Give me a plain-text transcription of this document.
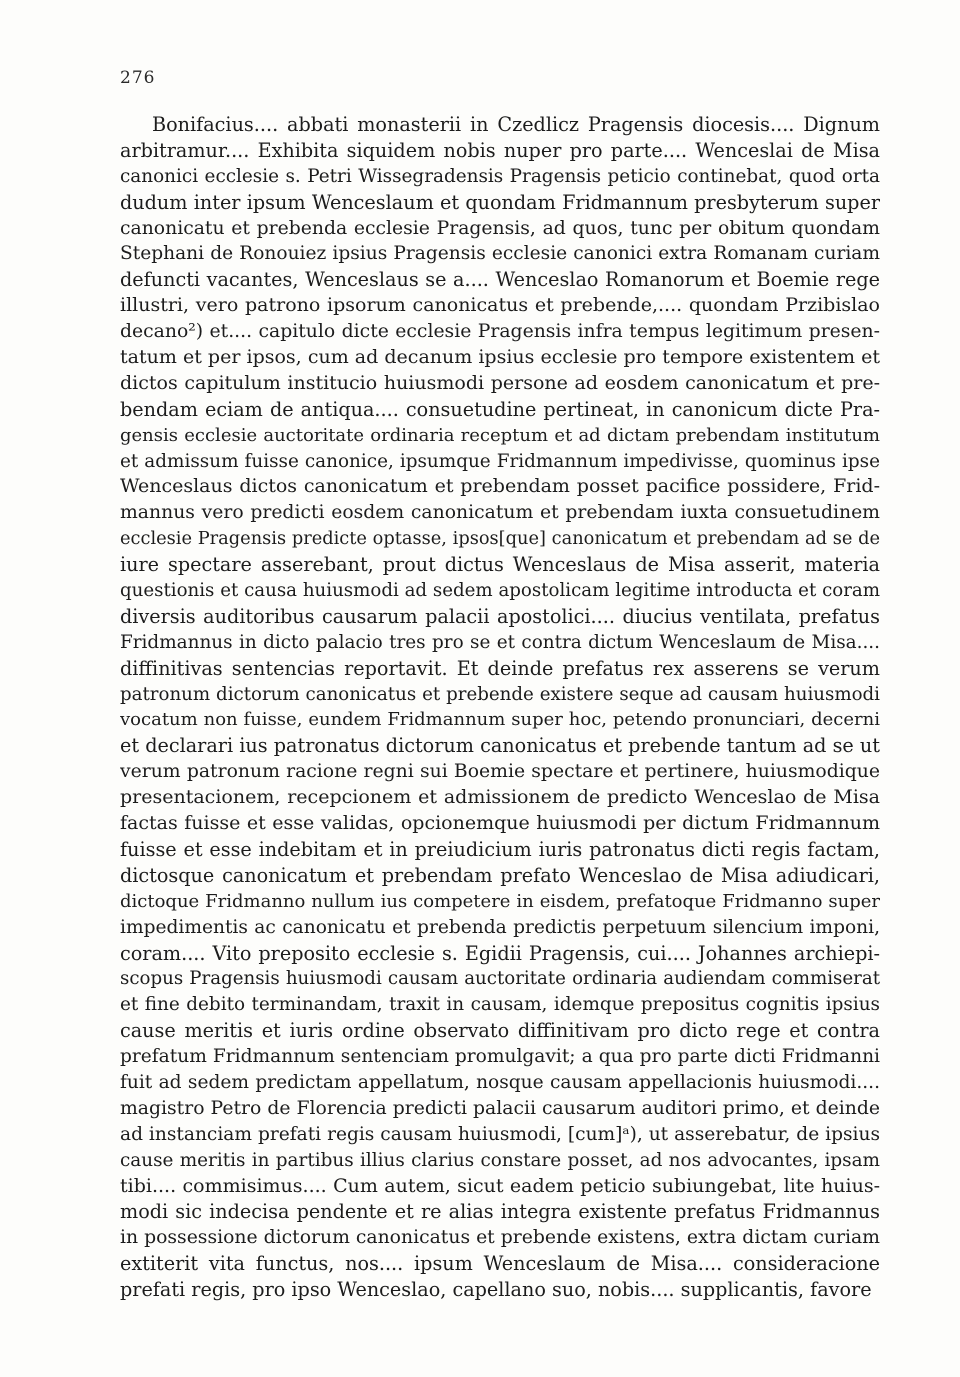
276
Bonifacius.... abbati monasterii in Czedlicz Pragensis diocesis.... Dignum
arbitramur.... Exhibita siquidem nobis nuper pro parte.... Wenceslai de Misa
canonici ecclesie s. Petri Wissegradensis Pragensis peticio continebat, quod orta
dudum inter ipsum Wenceslaum et quondam Fridmannum presbyterum super
canonicatu et prebenda ecclesie Pragensis, ad quos, tunc per obitum quondam
Stephani de Ronouiez ipsius Pragensis ecclesie canonici extra Romanam curiam
defuncti vacantes, Wenceslaus se a.... Wenceslao Romanorum et Boemie rege
illustri, vero patrono ipsorum canonicatus et prebende,.... quondam Przibislao
decano²) et.... capitulo dicte ecclesie Pragensis infra tempus legitimum presen-
tatum et per ipsos, cum ad decanum ipsius ecclesie pro tempore existentem et
dictos capitulum institucio huiusmodi persone ad eosdem canonicatum et pre-
bendam eciam de antiqua.... consuetudine pertineat, in canonicum dicte Pra-
gensis ecclesie auctoritate ordinaria receptum et ad dictam prebendam institutum
et admissum fuisse canonice, ipsumque Fridmannum impedivisse, quominus ipse
Wenceslaus dictos canonicatum et prebendam posset pacifice possidere, Frid-
mannus vero predicti eosdem canonicatum et prebendam iuxta consuetudinem
ecclesie Pragensis predicte optasse, ipsos[que] canonicatum et prebendam ad se de
iure spectare asserebant, prout dictus Wenceslaus de Misa asserit, materia
questionis et causa huiusmodi ad sedem apostolicam legitime introducta et coram
diversis auditoribus causarum palacii apostolici.... diucius ventilata, prefatus
Fridmannus in dicto palacio tres pro se et contra dictum Wenceslaum de Misa....
diffinitivas sentencias reportavit. Et deinde prefatus rex asserens se verum
patronum dictorum canonicatus et prebende existere seque ad causam huiusmodi
vocatum non fuisse, eundem Fridmannum super hoc, petendo pronunciari, decerni
et declarari ius patronatus dictorum canonicatus et prebende tantum ad se ut
verum patronum racione regni sui Boemie spectare et pertinere, huiusmodique
presentacionem, recepcionem et admissionem de predicto Wenceslao de Misa
factas fuisse et esse validas, opcionemque huiusmodi per dictum Fridmannum
fuisse et esse indebitam et in preiudicium iuris patronatus dicti regis factam,
dictosque canonicatum et prebendam prefato Wenceslao de Misa adiudicari,
dictoque Fridmanno nullum ius competere in eisdem, prefatoque Fridmanno super
impedimentis ac canonicatu et prebenda predictis perpetuum silencium imponi,
coram.... Vito preposito ecclesie s. Egidii Pragensis, cui.... Johannes archiepi-
scopus Pragensis huiusmodi causam auctoritate ordinaria audiendam commiserat
et fine debito terminandam, traxit in causam, idemque prepositus cognitis ipsius
cause meritis et iuris ordine observato diffinitivam pro dicto rege et contra
prefatum Fridmannum sentenciam promulgavit; a qua pro parte dicti Fridmanni
fuit ad sedem predictam appellatum, nosque causam appellacionis huiusmodi....
magistro Petro de Florencia predicti palacii causarum auditori primo, et deinde
ad instanciam prefati regis causam huiusmodi, [cum]ᵃ), ut asserebatur, de ipsius
cause meritis in partibus illius clarius constare posset, ad nos advocantes, ipsam
tibi.... commisimus.... Cum autem, sicut eadem peticio subiungebat, lite huius-
modi sic indecisa pendente et re alias integra existente prefatus Fridmannus
in possessione dictorum canonicatus et prebende existens, extra dictam curiam
extiterit vita functus, nos.... ipsum Wenceslaum de Misa.... consideracione
prefati regis, pro ipso Wenceslao, capellano suo, nobis.... supplicantis, favore
